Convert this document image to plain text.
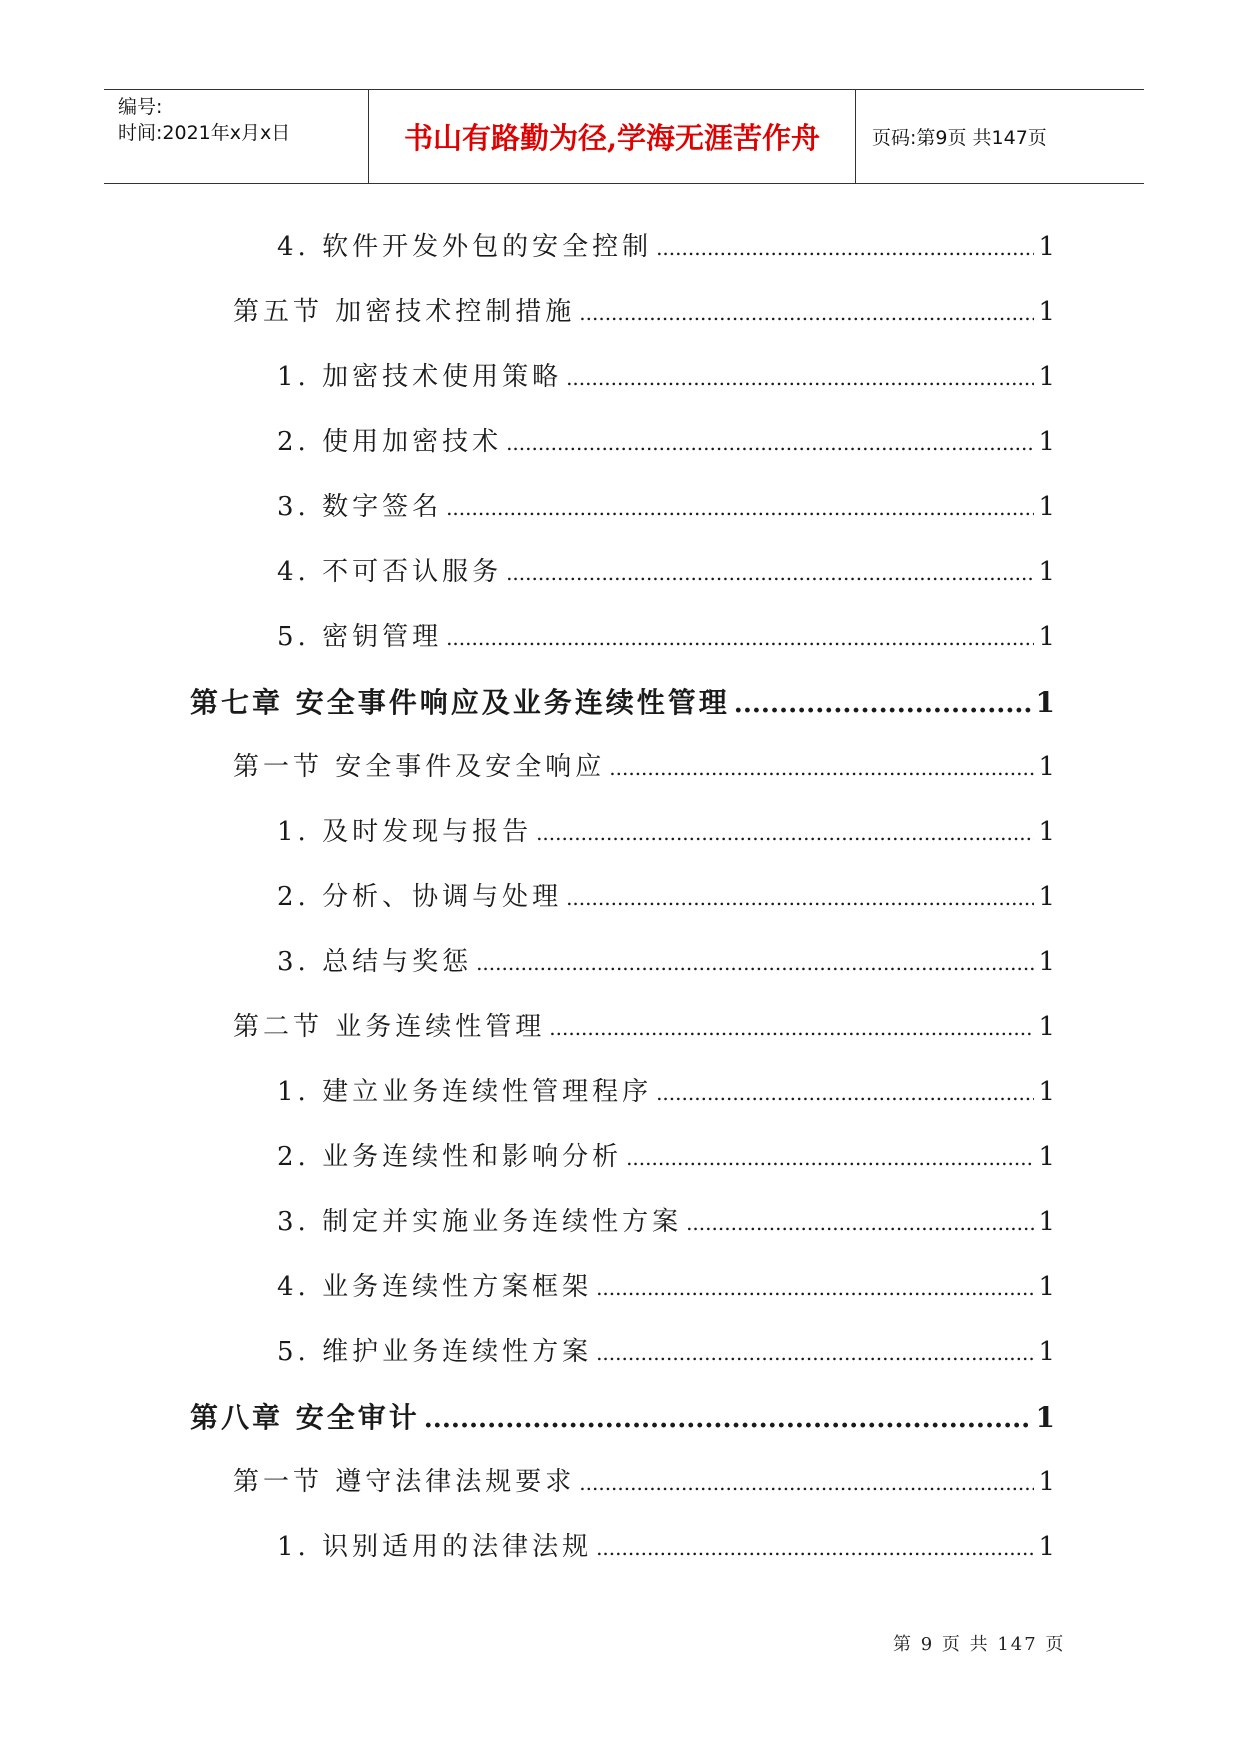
编号:
时间:2021年x月x日	书山有路勤为径,学海无涯苦作舟	页码:第9页 共147页
4. 软件开发外包的安全控制 .....	1
第五节 加密技术控制措施 .....	1
1. 加密技术使用策略 .....	1
2. 使用加密技术 .....	1
3. 数字签名 .....	1
4. 不可否认服务 .....	1
5. 密钥管理 .....	1
第七章 安全事件响应及业务连续性管理 .....	1
第一节 安全事件及安全响应 .....	1
1. 及时发现与报告 .....	1
2. 分析、协调与处理 .....	1
3. 总结与奖惩 .....	1
第二节 业务连续性管理 .....	1
1. 建立业务连续性管理程序 .....	1
2. 业务连续性和影响分析 .....	1
3. 制定并实施业务连续性方案 .....	1
4. 业务连续性方案框架 .....	1
5. 维护业务连续性方案 .....	1
第八章 安全审计 .....	1
第一节 遵守法律法规要求 .....	1
1. 识别适用的法律法规 .....	1
第 9 页 共 147 页
